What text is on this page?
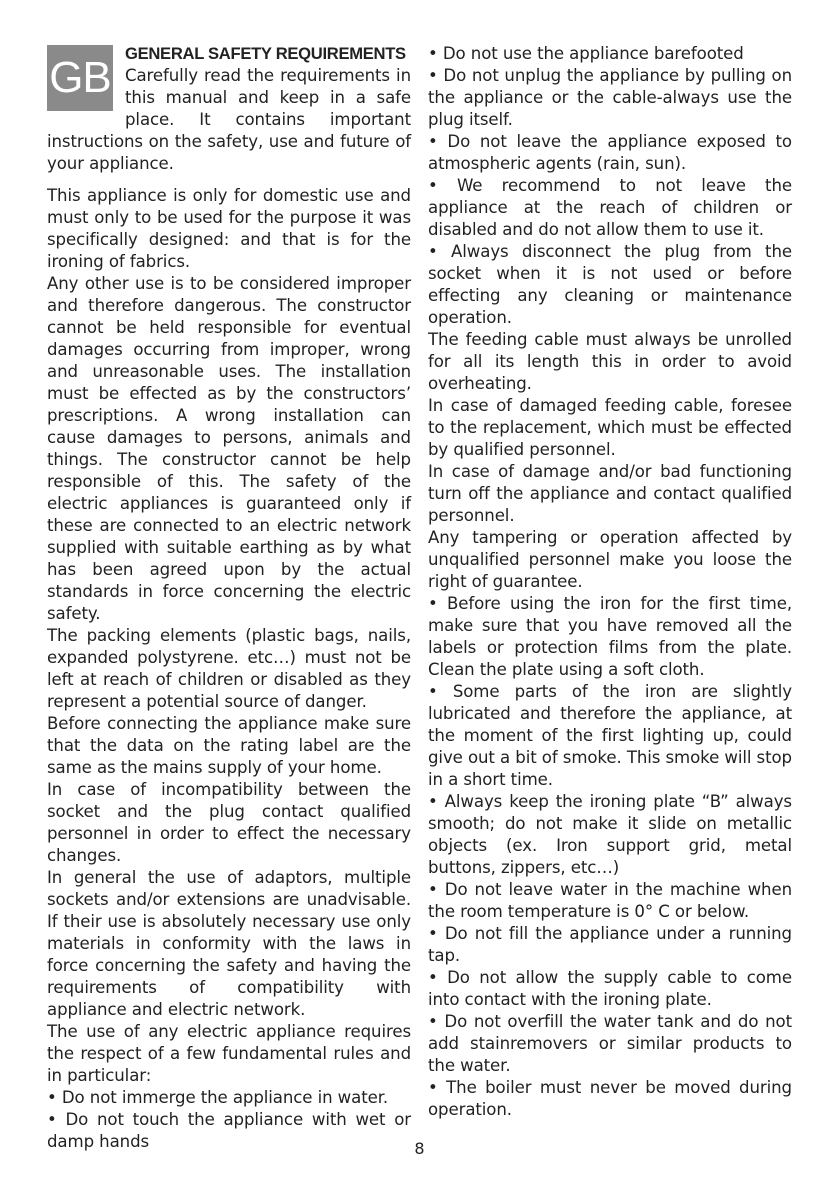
GB GENERAL SAFETY REQUIREMENTS

Carefully read the requirements in this manual and keep in a safe place. It contains important instructions on the safety, use and future of your appliance.

This appliance is only for domestic use and must only to be used for the purpose it was specifically designed: and that is for the ironing of fabrics.

Any other use is to be considered improper and therefore dangerous. The constructor cannot be held responsible for eventual damages occurring from improper, wrong and unreasonable uses. The installation must be effected as by the constructors’ prescriptions. A wrong installation can cause damages to persons, animals and things. The constructor cannot be help responsible of this. The safety of the electric appliances is guaranteed only if these are connected to an electric network supplied with suitable earthing as by what has been agreed upon by the actual standards in force concerning the electric safety.

The packing elements (plastic bags, nails, expanded polystyrene. etc…) must not be left at reach of children or disabled as they represent a potential source of danger.

Before connecting the appliance make sure that the data on the rating label are the same as the mains supply of your home.

In case of incompatibility between the socket and the plug contact qualified personnel in order to effect the necessary changes.

In general the use of adaptors, multiple sockets and/or extensions are unadvisable. If their use is absolutely necessary use only materials in conformity with the laws in force concerning the safety and having the requirements of compatibility with appliance and electric network.

The use of any electric appliance requires the respect of a few fundamental rules and in particular:

• Do not immerge the appliance in water.

• Do not touch the appliance with wet or damp hands

• Do not use the appliance barefooted

• Do not unplug the appliance by pulling on the appliance or the cable-always use the plug itself.

• Do not leave the appliance exposed to atmospheric agents (rain, sun).

• We recommend to not leave the appliance at the reach of children or disabled and do not allow them to use it.

• Always disconnect the plug from the socket when it is not used or before effecting any cleaning or maintenance operation.

The feeding cable must always be unrolled for all its length this in order to avoid overheating.

In case of damaged feeding cable, foresee to the replacement, which must be effected by qualified personnel.

In case of damage and/or bad functioning turn off the appliance and contact qualified personnel.

Any tampering or operation affected by unqualified personnel make you loose the right of guarantee.

• Before using the iron for the first time, make sure that you have removed all the labels or protection films from the plate. Clean the plate using a soft cloth.

• Some parts of the iron are slightly lubricated and therefore the appliance, at the moment of the first lighting up, could give out a bit of smoke. This smoke will stop in a short time.

• Always keep the ironing plate “B” always smooth; do not make it slide on metallic objects (ex. Iron support grid, metal buttons, zippers, etc…)

• Do not leave water in the machine when the room temperature is 0° C or below.

• Do not fill the appliance under a running tap.

• Do not allow the supply cable to come into contact with the ironing plate.

• Do not overfill the water tank and do not add stainremovers or similar products to the water.

• The boiler must never be moved during operation.

8
